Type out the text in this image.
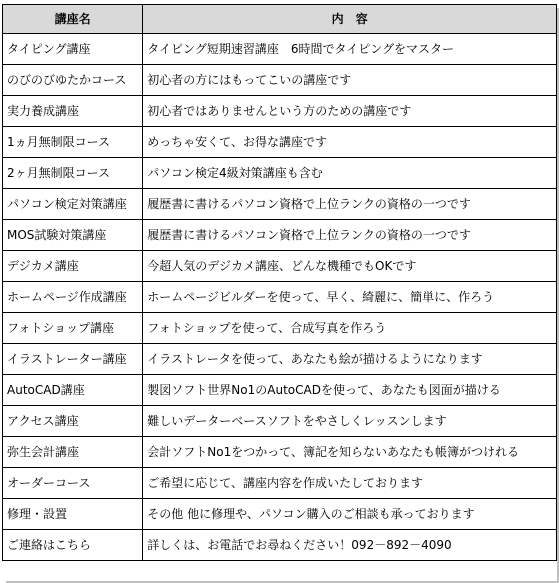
講座名	内　容
タイピング講座	タイピング短期速習講座　6時間でタイピングをマスター
のびのびゆたかコース	初心者の方にはもってこいの講座です
実力養成講座	初心者ではありませんという方のための講座です
1ヵ月無制限コース	めっちゃ安くて、お得な講座です
2ヶ月無制限コース	パソコン検定4級対策講座も含む
パソコン検定対策講座	履歴書に書けるパソコン資格で上位ランクの資格の一つです
MOS試験対策講座	履歴書に書けるパソコン資格で上位ランクの資格の一つです
デジカメ講座	今超人気のデジカメ講座、どんな機種でもOKです
ホームページ作成講座	ホームページビルダーを使って、早く、綺麗に、簡単に、作ろう
フォトショップ講座	フォトショップを使って、合成写真を作ろう
イラストレーター講座	イラストレータを使って、あなたも絵が描けるようになります
AutoCAD講座	製図ソフト世界No1のAutoCADを使って、あなたも図面が描ける
アクセス講座	難しいデーターベースソフトをやさしくレッスンします
弥生会計講座	会計ソフトNo1をつかって、簿記を知らないあなたも帳簿がつけれる
オーダーコース	ご希望に応じて、講座内容を作成いたしております
修理・設置	その他 他に修理や、パソコン購入のご相談も承っております
ご連絡はこちら	詳しくは、お電話でお尋ねください！092－892－4090
